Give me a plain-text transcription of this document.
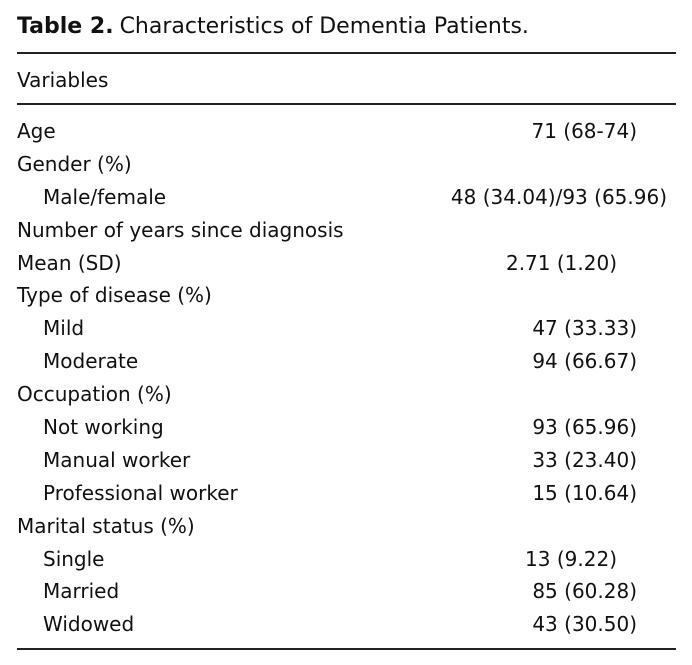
Table 2. Characteristics of Dementia Patients.
Variables
Age	71 (68-74)
Gender (%)
Male/female	48 (34.04)/93 (65.96)
Number of years since diagnosis
Mean (SD)	2.71 (1.20)
Type of disease (%)
Mild	47 (33.33)
Moderate	94 (66.67)
Occupation (%)
Not working	93 (65.96)
Manual worker	33 (23.40)
Professional worker	15 (10.64)
Marital status (%)
Single	13 (9.22)
Married	85 (60.28)
Widowed	43 (30.50)
